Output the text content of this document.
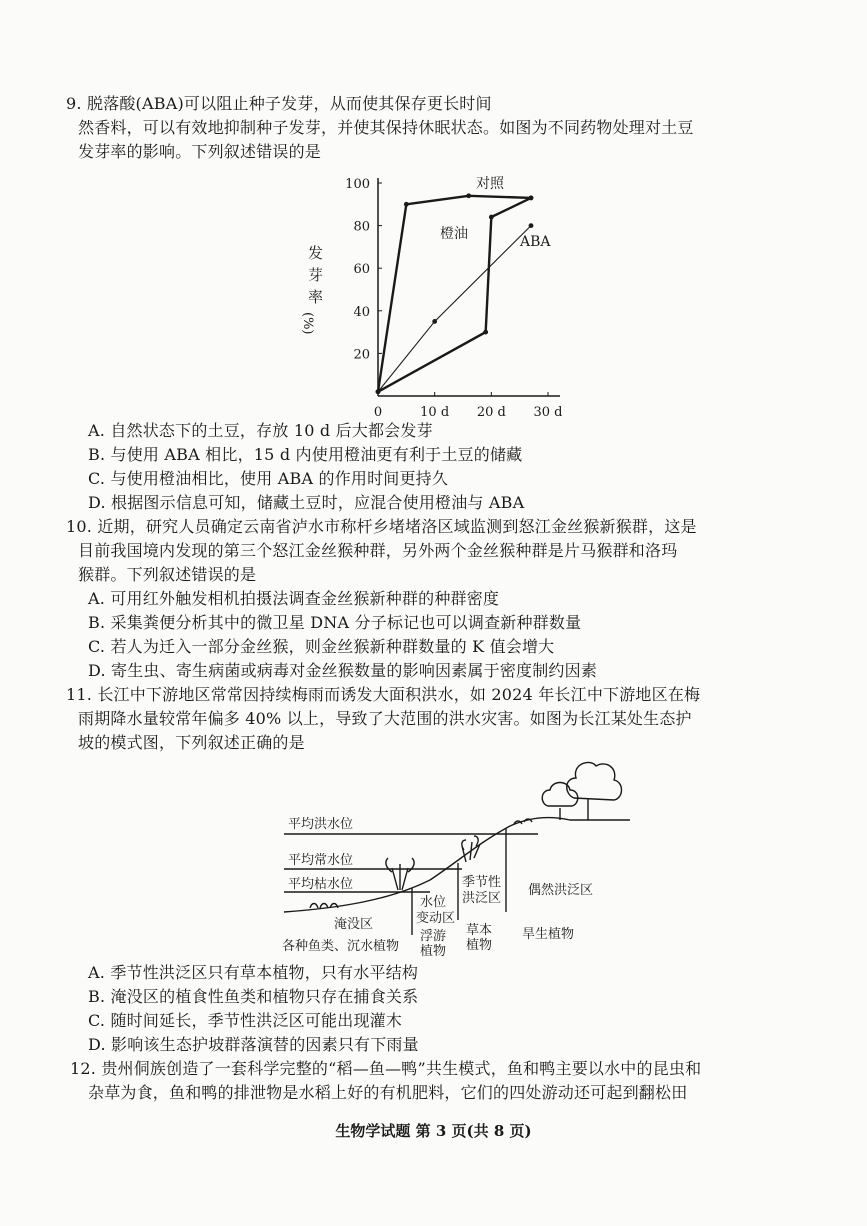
9. 脱落酸(ABA)可以阻止种子发芽，从而使其保存更长时间
然香料，可以有效地抑制种子发芽，并使其保持休眠状态。如图为不同药物处理对土豆
发芽率的影响。下列叙述错误的是
0	10 d 20 d 30 d
20
40
60
80
100
发
芽
率
(%)
对照
橙油	ABA
A. 自然状态下的土豆，存放 10 d 后大都会发芽
B. 与使用 ABA 相比，15 d 内使用橙油更有利于土豆的储藏
C. 与使用橙油相比，使用 ABA 的作用时间更持久
D. 根据图示信息可知，储藏土豆时，应混合使用橙油与 ABA
10. 近期，研究人员确定云南省泸水市称杆乡堵堵洛区域监测到怒江金丝猴新猴群，这是
目前我国境内发现的第三个怒江金丝猴种群，另外两个金丝猴种群是片马猴群和洛玛
猴群。下列叙述错误的是
A. 可用红外触发相机拍摄法调查金丝猴新种群的种群密度
B. 采集粪便分析其中的微卫星 DNA 分子标记也可以调查新种群数量
C. 若人为迁入一部分金丝猴，则金丝猴新种群数量的 K 值会增大
D. 寄生虫、寄生病菌或病毒对金丝猴数量的影响因素属于密度制约因素
11. 长江中下游地区常常因持续梅雨而诱发大面积洪水，如 2024 年长江中下游地区在梅
雨期降水量较常年偏多 40% 以上，导致了大范围的洪水灾害。如图为长江某处生态护
坡的模式图，下列叙述正确的是
平均洪水位
平均常水位
平均枯水位
淹没区
水位
变动区
季节性
洪泛区
偶然洪泛区
各种鱼类、沉水植物
浮游
植物
草本
植物
旱生植物
A. 季节性洪泛区只有草本植物，只有水平结构
B. 淹没区的植食性鱼类和植物只存在捕食关系
C. 随时间延长，季节性洪泛区可能出现灌木
D. 影响该生态护坡群落演替的因素只有下雨量
12. 贵州侗族创造了一套科学完整的“稻—鱼—鸭”共生模式，鱼和鸭主要以水中的昆虫和
杂草为食，鱼和鸭的排泄物是水稻上好的有机肥料，它们的四处游动还可起到翻松田
生物学试题 第 3 页(共 8 页)
